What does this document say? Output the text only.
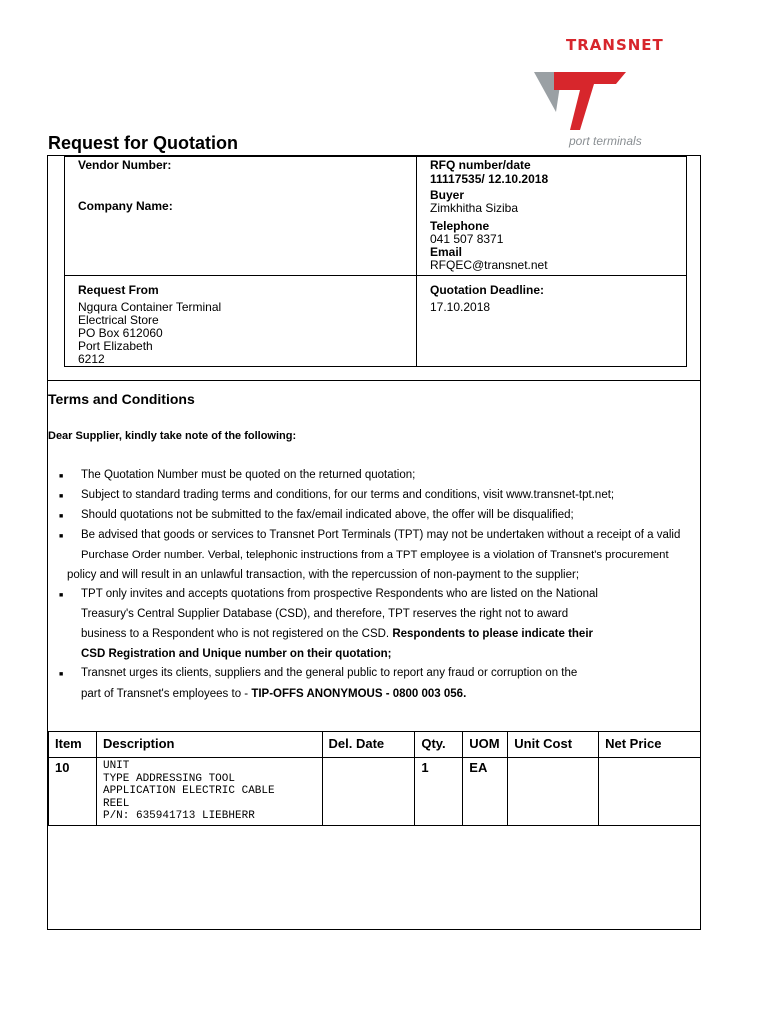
TRANSNET
port terminals
Request for Quotation
Vendor Number:
Company Name:
Request From
Ngqura Container Terminal
Electrical Store
PO Box 612060
Port Elizabeth
6212
RFQ number/date
11117535/ 12.10.2018
Buyer
Zimkhitha Siziba
Telephone
041 507 8371
Email
RFQEC@transnet.net
Quotation Deadline:
17.10.2018
Terms and Conditions
Dear Supplier, kindly take note of the following:
■ The Quotation Number must be quoted on the returned quotation;
■ Subject to standard trading terms and conditions, for our terms and conditions, visit www.transnet-tpt.net;
■ Should quotations not be submitted to the fax/email indicated above, the offer will be disqualified;
■ Be advised that goods or services to Transnet Port Terminals (TPT) may not be undertaken without a receipt of a valid
Purchase Order number. Verbal, telephonic instructions from a TPT employee is a violation of Transnet's procurement
policy and will result in an unlawful transaction, with the repercussion of non-payment to the supplier;
■ TPT only invites and accepts quotations from prospective Respondents who are listed on the National
Treasury's Central Supplier Database (CSD), and therefore, TPT reserves the right not to award
business to a Respondent who is not registered on the CSD. Respondents to please indicate their
CSD Registration and Unique number on their quotation;
■ Transnet urges its clients, suppliers and the general public to report any fraud or corruption on the
part of Transnet's employees to - TIP-OFFS ANONYMOUS - 0800 003 056.
Item	Description	Del. Date	Qty.	UOM	Unit Cost	Net Price
10	UNIT
TYPE ADDRESSING TOOL
APPLICATION ELECTRIC CABLE
REEL
P/N: 635941713 LIEBHERR		1	EA		
